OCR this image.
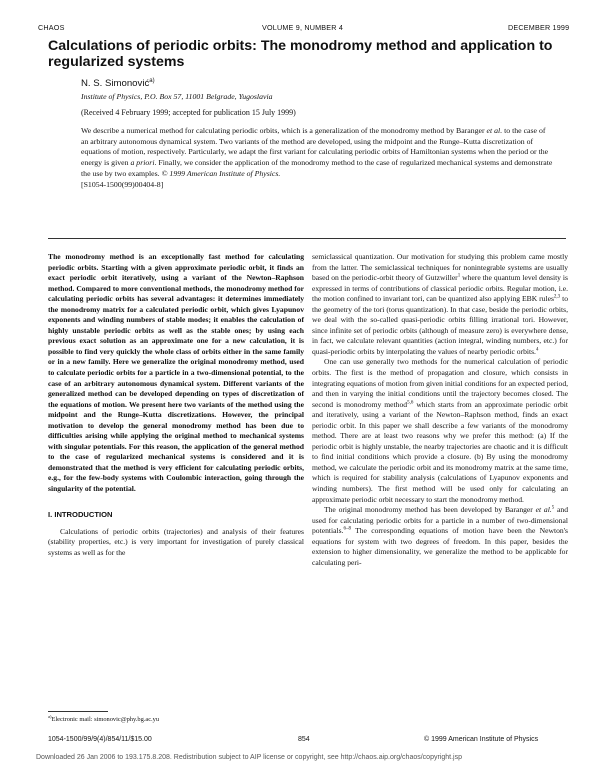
CHAOS	VOLUME 9, NUMBER 4	DECEMBER 1999
Calculations of periodic orbits: The monodromy method and application to regularized systems
N. S. Simonović$^{a)}$
Institute of Physics, P.O. Box 57, 11001 Belgrade, Yugoslavia
(Received 4 February 1999; accepted for publication 15 July 1999)

We describe a numerical method for calculating periodic orbits, which is a generalization of the monodromy method by Baranger et al. to the case of an arbitrary autonomous dynamical system. Two variants of the method are developed, using the midpoint and the Runge–Kutta discretization of equations of motion, respectively. Particularly, we adapt the first variant for calculating periodic orbits of Hamiltonian systems when the period or the energy is given a priori. Finally, we consider the application of the monodromy method to the case of regularized mechanical systems and demonstrate the use by two examples. © 1999 American Institute of Physics.
[S1054-1500(99)00404-8]

The monodromy method is an exceptionally fast method for calculating periodic orbits. Starting with a given approximate periodic orbit, it finds an exact periodic orbit iteratively, using a variant of the Newton–Raphson method. Compared to more conventional methods, the monodromy method for calculating periodic orbits has several advantages: it determines immediately the monodromy matrix for a calculated periodic orbit, which gives Lyapunov exponents and winding numbers of stable modes; it enables the calculation of highly unstable periodic orbits as well as the stable ones; by using each previous exact solution as an approximate one for a new calculation, it is possible to find very quickly the whole class of orbits either in the same family or in a new family. Here we generalize the original monodromy method, used to calculate periodic orbits for a particle in a two-dimensional potential, to the case of an arbitrary autonomous dynamical system. Different variants of the generalized method can be developed depending on types of discretization of the equations of motion. We present here two variants of the method using the midpoint and the Runge–Kutta discretizations. However, the principal motivation to develop the general monodromy method has been due to difficulties arising while applying the original method to mechanical systems with singular potentials. For this reason, the application of the general method to the case of regularized mechanical systems is considered and it is demonstrated that the method is very efficient for calculating periodic orbits, e.g., for the few-body systems with Coulombic interaction, going through the singularity of the potential.

I. INTRODUCTION

Calculations of periodic orbits (trajectories) and analysis of their features (stability properties, etc.) is very important for investigation of purely classical systems as well as for the

semiclassical quantization. Our motivation for studying this problem came mostly from the latter. The semiclassical techniques for nonintegrable systems are usually based on the periodic-orbit theory of Gutzwiller$^1$ where the quantum level density is expressed in terms of contributions of classical periodic orbits. Regular motion, i.e. the motion confined to invariant tori, can be quantized also applying EBK rules$^{2,3}$ to the geometry of the tori (torus quantization). In that case, beside the periodic orbits, we deal with the so-called quasi-periodic orbits filling irrational tori. However, since infinite set of periodic orbits (although of measure zero) is everywhere dense, in fact, we calculate relevant quantities (action integral, winding numbers, etc.) for quasi-periodic orbits by interpolating the values of nearby periodic orbits.$^4$

One can use generally two methods for the numerical calculation of periodic orbits. The first is the method of propagation and closure, which consists in integrating equations of motion from given initial conditions for an expected period, and then in varying the initial conditions until the trajectory becomes closed. The second is monodromy method$^{5,6}$ which starts from an approximate periodic orbit and iteratively, using a variant of the Newton–Raphson method, finds an exact periodic orbit. In this paper we shall describe a few variants of the monodromy method. There are at least two reasons why we prefer this method: (a) If the periodic orbit is highly unstable, the nearby trajectories are chaotic and it is difficult to find initial conditions which provide a closure. (b) By using the monodromy method, we calculate the periodic orbit and its monodromy matrix at the same time, which is required for stability analysis (calculations of Lyapunov exponents and winding numbers). The first method will be used only for calculating an approximate periodic orbit necessary to start the monodromy method.

The original monodromy method has been developed by Baranger et al.$^5$ and used for calculating periodic orbits for a particle in a number of two-dimensional potentials.$^{6-8}$ The corresponding equations of motion have been the Newton's equations for system with two degrees of freedom. In this paper, besides the extension to higher dimensionality, we generalize the method to be applicable for calculating peri-

$^{a)}$Electronic mail: simonovic@phy.bg.ac.yu
1054-1500/99/9(4)/854/11/$15.00	854	© 1999 American Institute of Physics
Downloaded 26 Jan 2006 to 193.175.8.208. Redistribution subject to AIP license or copyright, see http://chaos.aip.org/chaos/copyright.jsp
